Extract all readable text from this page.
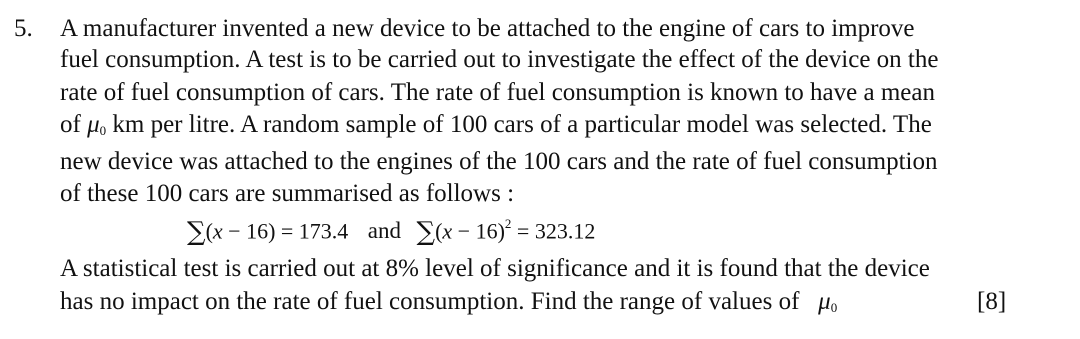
5. A manufacturer invented a new device to be attached to the engine of cars to improve
fuel consumption. A test is to be carried out to investigate the effect of the device on the
rate of fuel consumption of cars. The rate of fuel consumption is known to have a mean
of $\mu_0$ km per litre. A random sample of 100 cars of a particular model was selected. The
new device was attached to the engines of the 100 cars and the rate of fuel consumption
of these 100 cars are summarised as follows :
∑(x − 16) = 173.4 and $\sum(x - 16)^2 = 323.12$
A statistical test is carried out at 8% level of significance and it is found that the device
has no impact on the rate of fuel consumption. Find the range of values of $\mu_0$	[8]
